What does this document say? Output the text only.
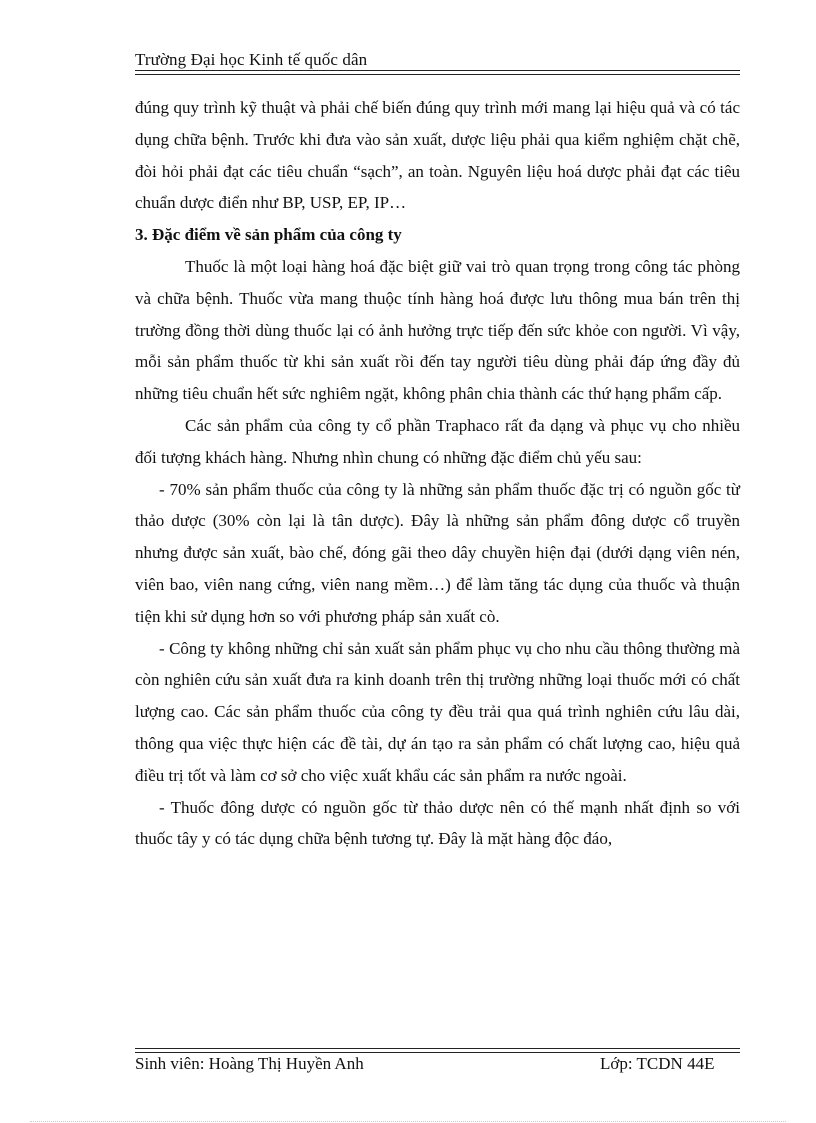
Trường Đại học Kinh tế quốc dân

đúng quy trình kỹ thuật và phải chế biến đúng quy trình mới mang lại hiệu quả và có tác dụng chữa bệnh. Trước khi đưa vào sản xuất, dược liệu phải qua kiểm nghiệm chặt chẽ, đòi hỏi phải đạt các tiêu chuẩn “sạch”, an toàn. Nguyên liệu hoá dược phải đạt các tiêu chuẩn dược điển như BP, USP, EP, IP…

3. Đặc điểm về sản phẩm của công ty

Thuốc là một loại hàng hoá đặc biệt giữ vai trò quan trọng trong công tác phòng và chữa bệnh. Thuốc vừa mang thuộc tính hàng hoá được lưu thông mua bán trên thị trường đồng thời dùng thuốc lại có ảnh hưởng trực tiếp đến sức khỏe con người. Vì vậy, mỗi sản phẩm thuốc từ khi sản xuất rồi đến tay người tiêu dùng phải đáp ứng đầy đủ những tiêu chuẩn hết sức nghiêm ngặt, không phân chia thành các thứ hạng phẩm cấp.

Các sản phẩm của công ty cổ phần Traphaco rất đa dạng và phục vụ cho nhiều đối tượng khách hàng. Nhưng nhìn chung có những đặc điểm chủ yếu sau:

- 70% sản phẩm thuốc của công ty là những sản phẩm thuốc đặc trị có nguồn gốc từ thảo dược (30% còn lại là tân dược). Đây là những sản phẩm đông dược cổ truyền nhưng được sản xuất, bào chế, đóng gãi theo dây chuyền hiện đại (dưới dạng viên nén, viên bao, viên nang cứng, viên nang mềm…) để làm tăng tác dụng của thuốc và thuận tiện khi sử dụng hơn so với phương pháp sản xuất cò.

- Công ty không những chỉ sản xuất sản phẩm phục vụ cho nhu cầu thông thường mà còn nghiên cứu sản xuất đưa ra kinh doanh trên thị trường những loại thuốc mới có chất lượng cao. Các sản phẩm thuốc của công ty đều trải qua quá trình nghiên cứu lâu dài, thông qua việc thực hiện các đề tài, dự án tạo ra sản phẩm có chất lượng cao, hiệu quả điều trị tốt và làm cơ sở cho việc xuất khẩu các sản phẩm ra nước ngoài.

- Thuốc đông dược có nguồn gốc từ thảo dược nên có thế mạnh nhất định so với thuốc tây y có tác dụng chữa bệnh tương tự. Đây là mặt hàng độc đáo,

Sinh viên: Hoàng Thị Huyền Anh	Lớp: TCDN 44E
